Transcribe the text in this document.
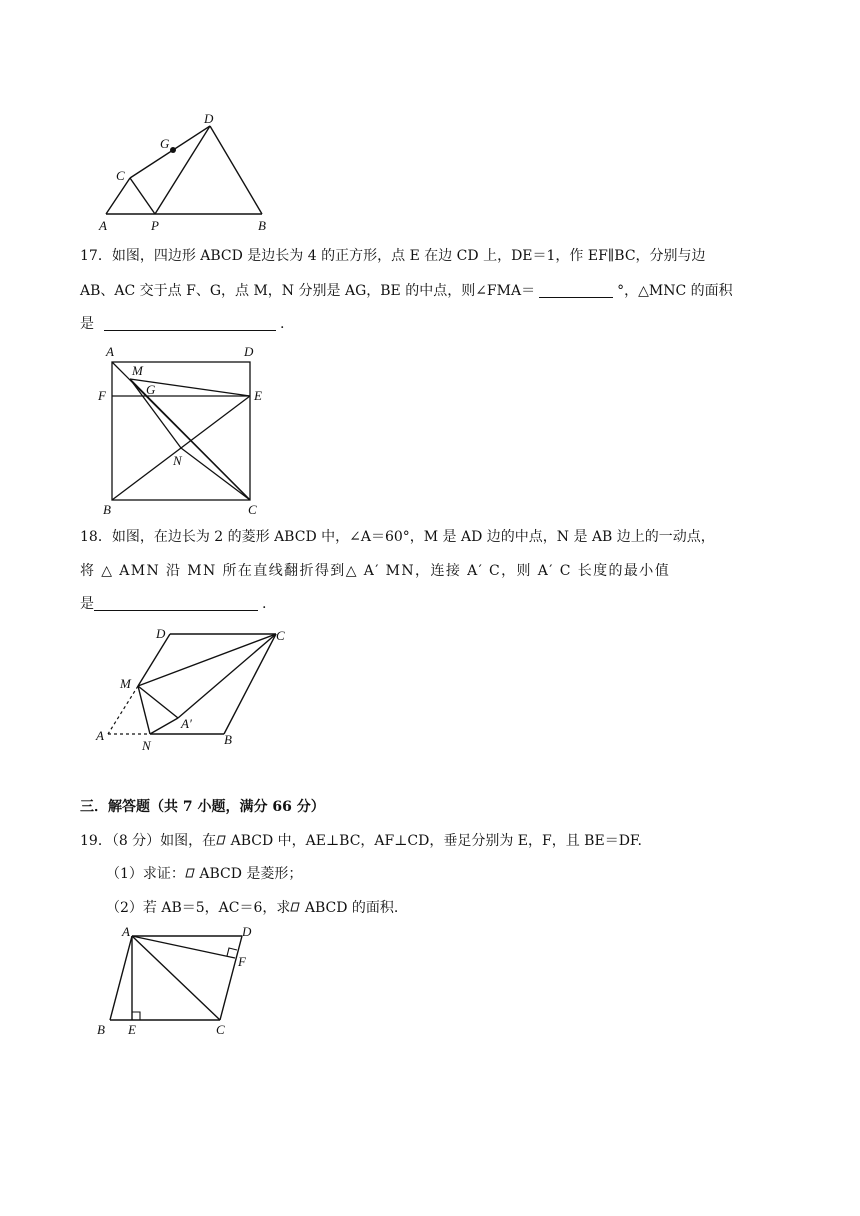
A	P	B
C
G
D
17．如图，四边形 ABCD 是边长为 4 的正方形，点 E 在边 CD 上，DE＝1，作 EF∥BC，分别与边
AB、AC 交于点 F、G，点 M，N 分别是 AG，BE 的中点，则∠FMA＝	°，△MNC 的面积
是	.
A	D
M
F	G	E
N
B	C
18．如图，在边长为 2 的菱形 ABCD 中，∠A＝60°，M 是 AD 边的中点，N 是 AB 边上的一动点，
将 △ AMN 沿 MN 所在直线翻折得到△ A′ MN，连接 A′ C，则 A′ C 长度的最小值
是	.
D	C
M
A′
A
N	B
三．解答题（共 7 小题，满分 66 分）
19．（8 分）如图，在 ABCD 中，AE⊥BC，AF⊥CD，垂足分别为 E，F，且 BE＝DF.
（1）求证： ABCD 是菱形；
（2）若 AB＝5，AC＝6，求 ABCD 的面积.
A	D
F
B E	C
